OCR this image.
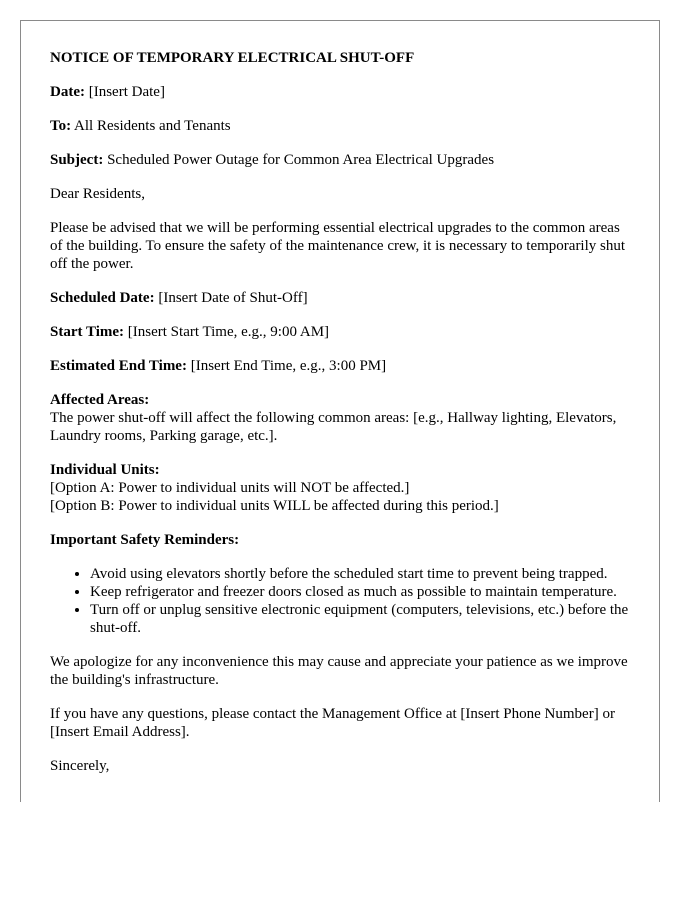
NOTICE OF TEMPORARY ELECTRICAL SHUT-OFF

Date: [Insert Date]

To: All Residents and Tenants

Subject: Scheduled Power Outage for Common Area Electrical Upgrades

Dear Residents,

Please be advised that we will be performing essential electrical upgrades to the common areas of the building. To ensure the safety of the maintenance crew, it is necessary to temporarily shut off the power.

Scheduled Date: [Insert Date of Shut-Off]

Start Time: [Insert Start Time, e.g., 9:00 AM]

Estimated End Time: [Insert End Time, e.g., 3:00 PM]

Affected Areas:
The power shut-off will affect the following common areas: [e.g., Hallway lighting, Elevators, Laundry rooms, Parking garage, etc.].

Individual Units:
[Option A: Power to individual units will NOT be affected.]
[Option B: Power to individual units WILL be affected during this period.]

Important Safety Reminders:

• Avoid using elevators shortly before the scheduled start time to prevent being trapped.
• Keep refrigerator and freezer doors closed as much as possible to maintain temperature.
• Turn off or unplug sensitive electronic equipment (computers, televisions, etc.) before the shut-off.

We apologize for any inconvenience this may cause and appreciate your patience as we improve the building's infrastructure.

If you have any questions, please contact the Management Office at [Insert Phone Number] or [Insert Email Address].

Sincerely,
